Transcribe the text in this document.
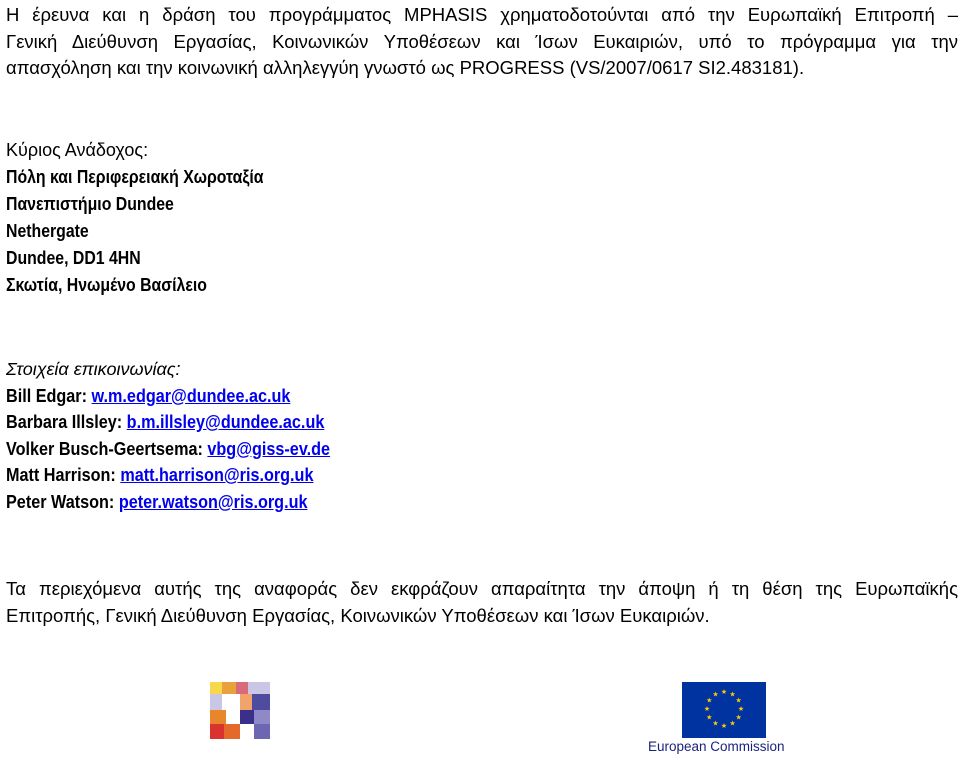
Η έρευνα και η δράση του προγράμματος MPHASIS χρηματοδοτούνται από την Ευρωπαϊκή Επιτροπή –
Γενική Διεύθυνση Εργασίας, Κοινωνικών Υποθέσεων και Ίσων Ευκαιριών, υπό το πρόγραμμα για την
απασχόληση και την κοινωνική αλληλεγγύη γνωστό ως PROGRESS (VS/2007/0617 SI2.483181).
Κύριος Ανάδοχος:
Πόλη και Περιφερειακή Χωροταξία
Πανεπιστήμιο Dundee
Nethergate
Dundee, DD1 4HN
Σκωτία, Ηνωμένο Βασίλειο
Στοιχεία επικοινωνίας:
Bill Edgar: w.m.edgar@dundee.ac.uk
Barbara Illsley: b.m.illsley@dundee.ac.uk
Volker Busch-Geertsema: vbg@giss-ev.de
Matt Harrison: matt.harrison@ris.org.uk
Peter Watson: peter.watson@ris.org.uk
Τα περιεχόμενα αυτής της αναφοράς δεν εκφράζουν απαραίτητα την άποψη ή τη θέση της Ευρωπαϊκής
Επιτροπής, Γενική Διεύθυνση Εργασίας, Κοινωνικών Υποθέσεων και Ίσων Ευκαιριών.
★ ★
★
★
★
★
★
★
★
★
★
★
European Commission
